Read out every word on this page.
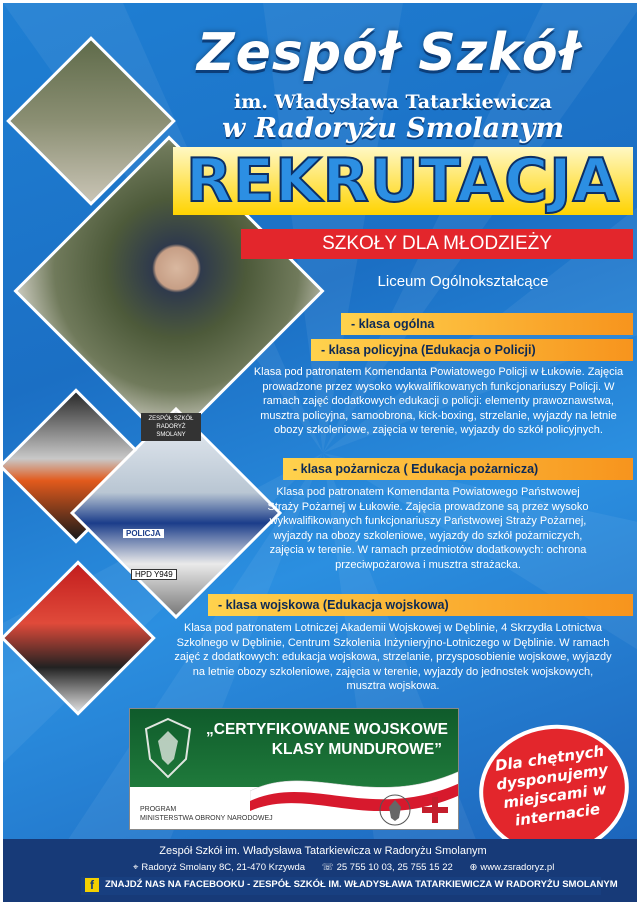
ZESPÓŁ SZKÓŁ RADORYŻ SMOLANY
POLICJA
HPD Y949
Zespół Szkół
im. Władysława Tatarkiewicza
w Radoryżu Smolanym
REKRUTACJA
SZKOŁY DLA MŁODZIEŻY
Liceum Ogólnokształcące
- klasa ogólna
- klasa policyjna (Edukacja o Policji)
Klasa pod patronatem Komendanta Powiatowego Policji w Łukowie. Zajęcia prowadzone przez wysoko wykwalifikowanych funkcjonariuszy Policji. W ramach zajęć dodatkowych edukacji o policji: elementy prawoznawstwa, musztra policyjna, samoobrona, kick-boxing, strzelanie, wyjazdy na letnie obozy szkoleniowe, zajęcia w terenie, wyjazdy do szkół policyjnych.
- klasa pożarnicza ( Edukacja pożarnicza)
Klasa pod patronatem Komendanta Powiatowego Państwowej Straży Pożarnej w Łukowie. Zajęcia prowadzone są przez wysoko wykwalifikowanych funkcjonariuszy Państwowej Straży Pożarnej, wyjazdy na obozy szkoleniowe, wyjazdy do szkół pożarniczych, zajęcia w terenie. W ramach przedmiotów dodatkowych: ochrona przeciwpożarowa i musztra strażacka.
- klasa wojskowa (Edukacja wojskowa)
Klasa pod patronatem Lotniczej Akademii Wojskowej w Dęblinie, 4 Skrzydła Lotnictwa Szkolnego w Dęblinie, Centrum Szkolenia Inżynieryjno-Lotniczego w Dęblinie. W ramach zajęć z dodatkowych: edukacja wojskowa, strzelanie, przysposobienie wojskowe, wyjazdy na letnie obozy szkoleniowe, zajęcia w terenie, wyjazdy do jednostek wojskowych, musztra wojskowa.
„CERTYFIKOWANE WOJSKOWE
KLASY MUNDUROWE”
PROGRAM
MINISTERSTWA OBRONY NARODOWEJ
Dla chętnych dysponujemy miejscami w internacie
Zespół Szkół im. Władysława Tatarkiewicza w Radoryżu Smolanym
⌖ Radoryż Smolany 8C, 21-470 Krzywda ☏ 25 755 10 03, 25 755 15 22 ⊕ www.zsradoryz.pl
f	ZNAJDŹ NAS NA FACEBOOKU - ZESPÓŁ SZKÓŁ IM. WŁADYSŁAWA TATARKIEWICZA W RADORYŻU SMOLANYM
